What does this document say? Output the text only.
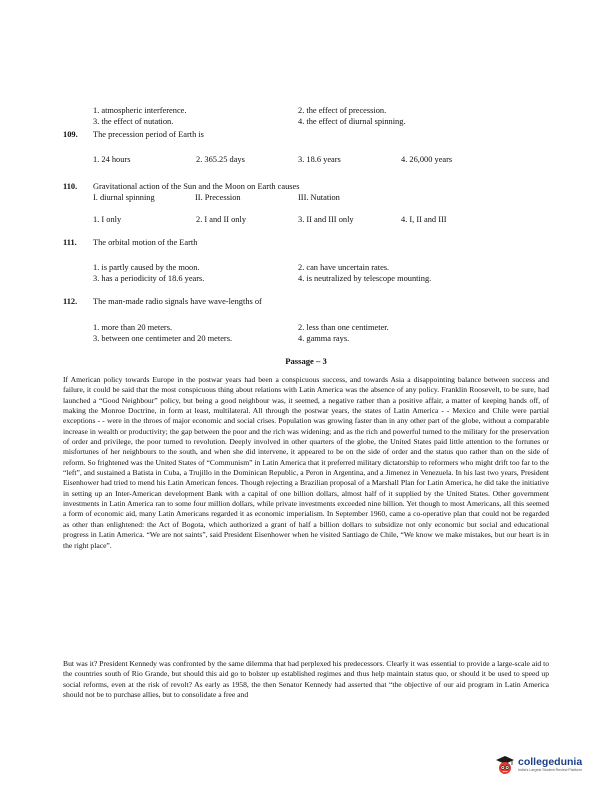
1. atmospheric interference.	2. the effect of precession.
3. the effect of nutation.	4. the effect of diurnal spinning.
109.	The precession period of Earth is
1. 24 hours	2. 365.25 days	3. 18.6 years	4. 26,000 years
110.	Gravitational action of the Sun and the Moon on Earth causes
I. diurnal spinning	II. Precession	III. Nutation
1. I only	2. I and II only	3. II and III only	4. I, II and III
111.	The orbital motion of the Earth
1. is partly caused by the moon.	2. can have uncertain rates.
3. has a periodicity of 18.6 years.	4. is neutralized by telescope mounting.
112.	The man-made radio signals have wave-lengths of
1. more than 20 meters.	2. less than one centimeter.
3. between one centimeter and 20 meters.	4. gamma rays.
Passage – 3

If American policy towards Europe in the postwar years had been a conspicuous success, and towards Asia a disappointing balance between success and failure, it could be said that the most conspicuous thing about relations with Latin America was the absence of any policy. Franklin Roosevelt, to be sure, had launched a “Good Neighbour” policy, but being a good neighbour was, it seemed, a negative rather than a positive affair, a matter of keeping hands off, of making the Monroe Doctrine, in form at least, multilateral. All through the postwar years, the states of Latin America - - Mexico and Chile were partial exceptions - - were in the throes of major economic and social crises. Population was growing faster than in any other part of the globe, without a comparable increase in wealth or productivity; the gap between the poor and the rich was widening; and as the rich and powerful turned to the military for the preservation of order and privilege, the poor turned to revolution. Deeply involved in other quarters of the globe, the United States paid little attention to the fortunes or misfortunes of her neighbours to the south, and when she did intervene, it appeared to be on the side of order and the status quo rather than on the side of reform. So frightened was the United States of “Communism” in Latin America that it preferred military dictatorship to reformers who might drift too far to the “left”, and sustained a Batista in Cuba, a Trujillo in the Dominican Republic, a Peron in Argentina, and a Jimenez in Venezuela. In his last two years, President Eisenhower had tried to mend his Latin American fences. Though rejecting a Brazilian proposal of a Marshall Plan for Latin America, he did take the initiative in setting up an Inter-American development Bank with a capital of one billion dollars, almost half of it supplied by the United States. Other government investments in Latin America ran to some four million dollars, while private investments exceeded nine billion. Yet though to most Americans, all this seemed a form of economic aid, many Latin Americans regarded it as economic imperialism. In September 1960, came a co-operative plan that could not be regarded as other than enlightened: the Act of Bogota, which authorized a grant of half a billion dollars to subsidize not only economic but social and educational progress in Latin America. “We are not saints”, said President Eisenhower when he visited Santiago de Chile, “We know we make mistakes, but our heart is in the right place”.

But was it? President Kennedy was confronted by the same dilemma that had perplexed his predecessors. Clearly it was essential to provide a large-scale aid to the countries south of Rio Grande, but should this aid go to bolster up established regimes and thus help maintain status quo, or should it be used to speed up social reforms, even at the risk of revolt? As early as 1958, the then Senator Kennedy had asserted that “the objective of our aid program in Latin America should not be to purchase allies, but to consolidate a free and

collegedunia
India's Largest Student Review Platform
